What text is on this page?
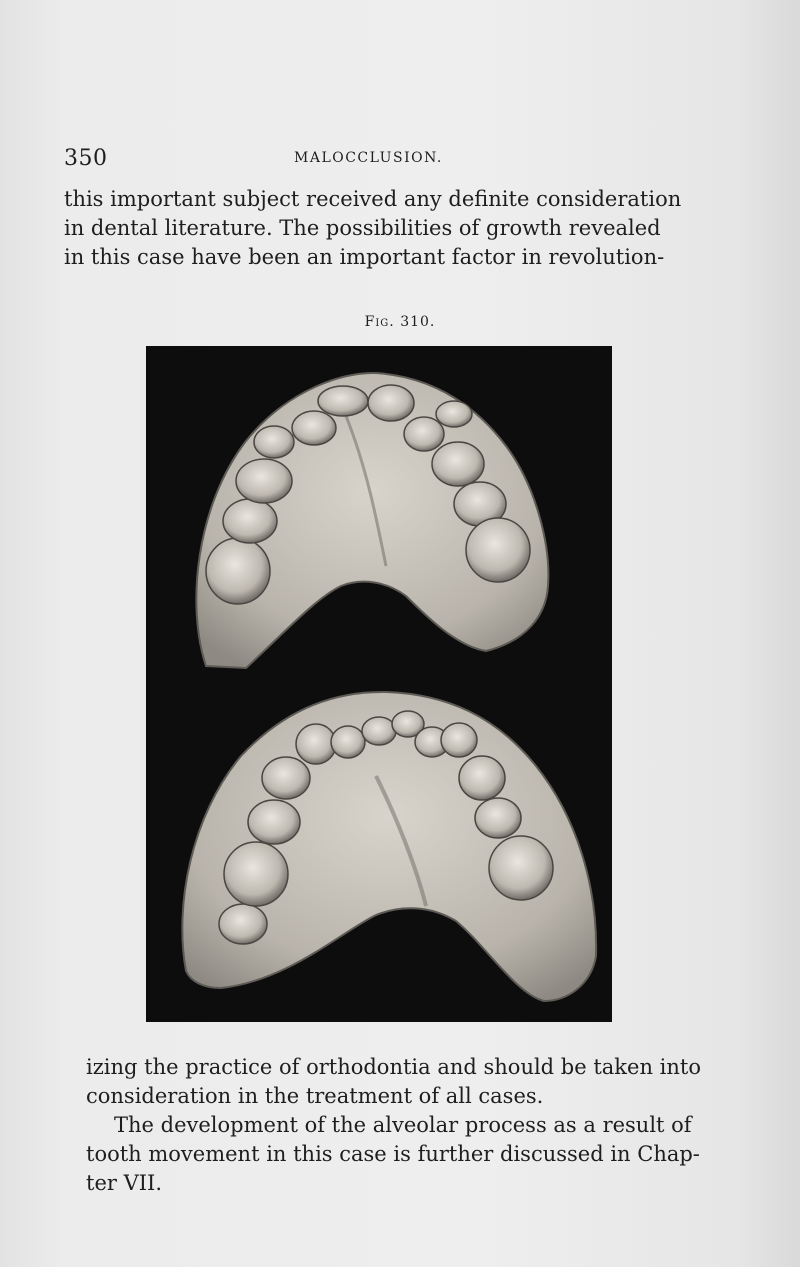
350	MALOCCLUSION.
this important subject received any definite consideration
in dental literature. The possibilities of growth revealed
in this case have been an important factor in revolution-
Fig. 310.
izing the practice of orthodontia and should be taken into
consideration in the treatment of all cases.
The development of the alveolar process as a result of
tooth movement in this case is further discussed in Chap-
ter VII.
